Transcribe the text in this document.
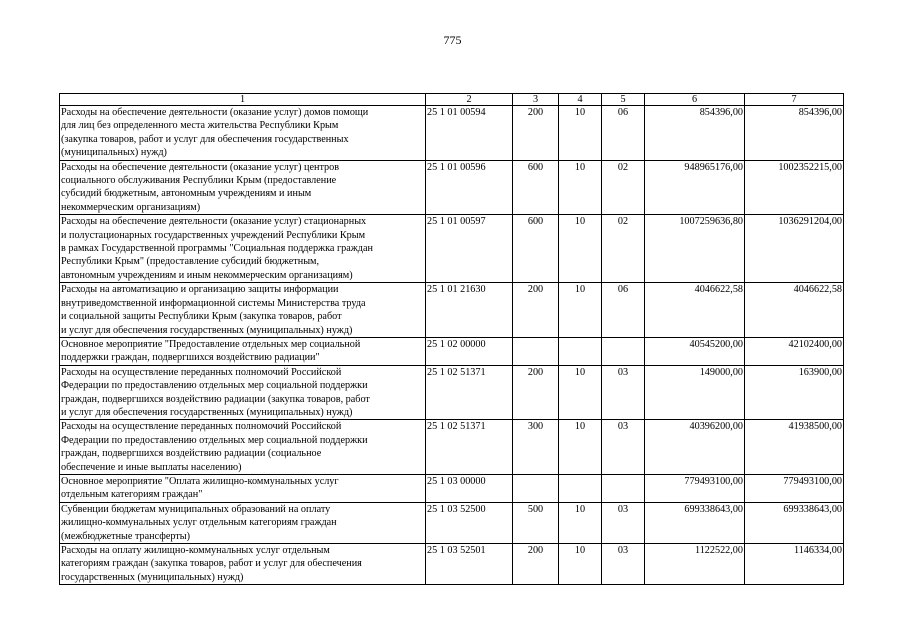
775
1	2	3	4	5	6	7

Расходы на обеспечение деятельности (оказание услуг) домов помощи
для лиц без определенного места жительства Республики Крым
(закупка товаров, работ и услуг для обеспечения государственных
(муниципальных) нужд)	25 1 01 00594	200	10	06	854396,00	854396,00

Расходы на обеспечение деятельности (оказание услуг) центров
социального обслуживания Республики Крым (предоставление
субсидий бюджетным, автономным учреждениям и иным
некоммерческим организациям)	25 1 01 00596	600	10	02	948965176,00	1002352215,00

Расходы на обеспечение деятельности (оказание услуг) стационарных
и полустационарных государственных учреждений Республики Крым
в рамках Государственной программы "Социальная поддержка граждан
Республики Крым" (предоставление субсидий бюджетным,
автономным учреждениям и иным некоммерческим организациям)	25 1 01 00597	600	10	02	1007259636,80	1036291204,00

Расходы на автоматизацию и организацию защиты информации
внутриведомственной информационной системы Министерства труда
и социальной защиты Республики Крым (закупка товаров, работ
и услуг для обеспечения государственных (муниципальных) нужд)	25 1 01 21630	200	10	06	4046622,58	4046622,58

Основное мероприятие "Предоставление отдельных мер социальной
поддержки граждан, подвергшихся воздействию радиации"	25 1 02 00000				40545200,00	42102400,00

Расходы на осуществление переданных полномочий Российской
Федерации по предоставлению отдельных мер социальной поддержки
граждан, подвергшихся воздействию радиации (закупка товаров, работ
и услуг для обеспечения государственных (муниципальных) нужд)	25 1 02 51371	200	10	03	149000,00	163900,00

Расходы на осуществление переданных полномочий Российской
Федерации по предоставлению отдельных мер социальной поддержки
граждан, подвергшихся воздействию радиации (социальное
обеспечение и иные выплаты населению)	25 1 02 51371	300	10	03	40396200,00	41938500,00

Основное мероприятие "Оплата жилищно-коммунальных услуг
отдельным категориям граждан"	25 1 03 00000				779493100,00	779493100,00

Субвенции бюджетам муниципальных образований на оплату
жилищно-коммунальных услуг отдельным категориям граждан
(межбюджетные трансферты)	25 1 03 52500	500	10	03	699338643,00	699338643,00

Расходы на оплату жилищно-коммунальных услуг отдельным
категориям граждан (закупка товаров, работ и услуг для обеспечения
государственных (муниципальных) нужд)	25 1 03 52501	200	10	03	1122522,00	1146334,00
